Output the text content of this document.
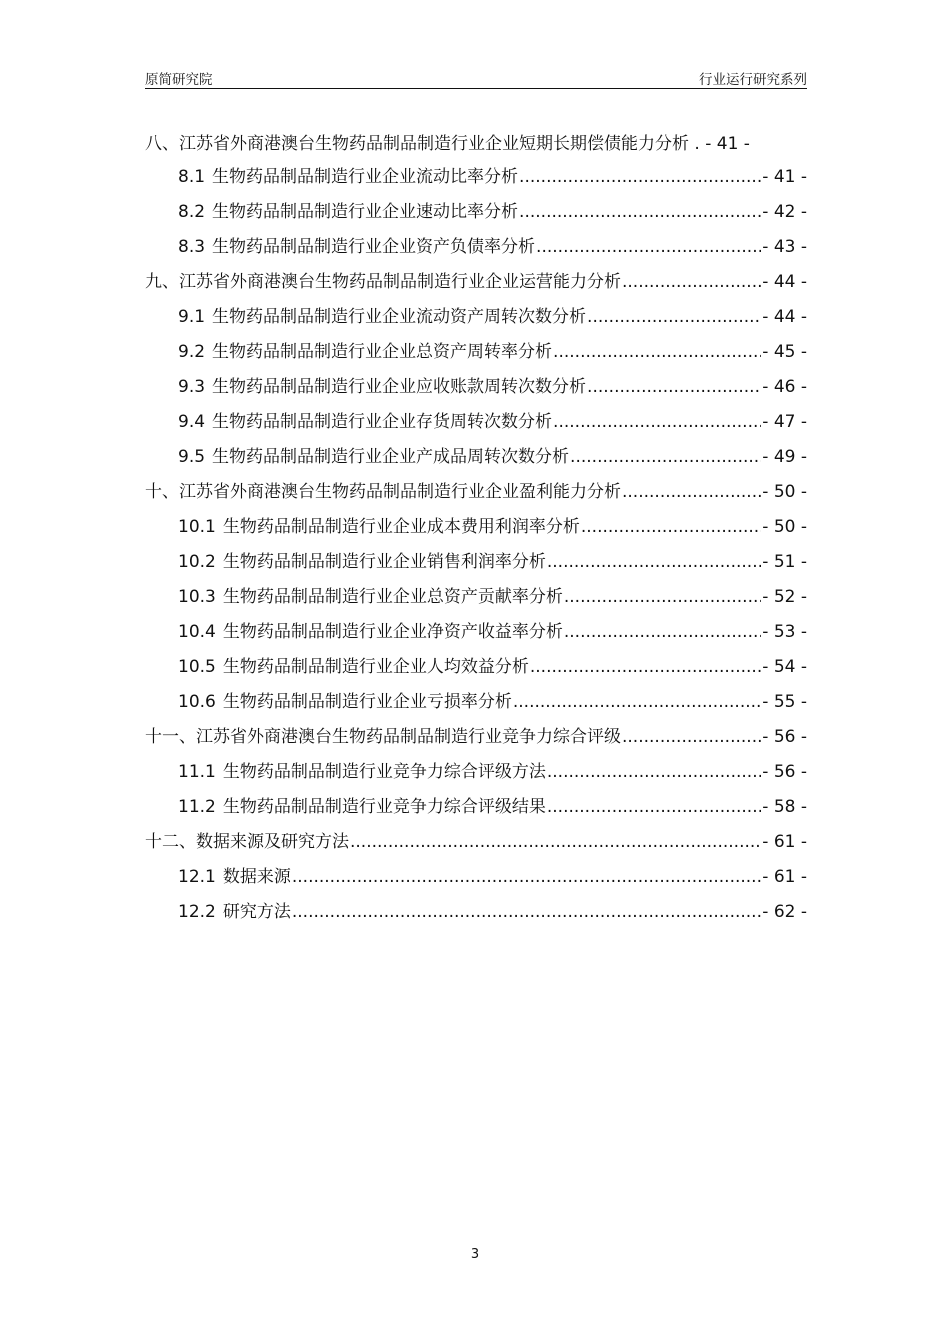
原简研究院	行业运行研究系列
八、江苏省外商港澳台生物药品制品制造行业企业短期长期偿债能力分析 . - 41 -
8.1 生物药品制品制造行业企业流动比率分析 .....	- 41 -
8.2 生物药品制品制造行业企业速动比率分析 .....	- 42 -
8.3 生物药品制品制造行业企业资产负债率分析 .....	- 43 -
九、江苏省外商港澳台生物药品制品制造行业企业运营能力分析 .....	- 44 -
9.1 生物药品制品制造行业企业流动资产周转次数分析 .....	- 44 -
9.2 生物药品制品制造行业企业总资产周转率分析 .....	- 45 -
9.3 生物药品制品制造行业企业应收账款周转次数分析 .....	- 46 -
9.4 生物药品制品制造行业企业存货周转次数分析 .....	- 47 -
9.5 生物药品制品制造行业企业产成品周转次数分析 .....	- 49 -
十、江苏省外商港澳台生物药品制品制造行业企业盈利能力分析 .....	- 50 -
10.1 生物药品制品制造行业企业成本费用利润率分析 .....	- 50 -
10.2 生物药品制品制造行业企业销售利润率分析 .....	- 51 -
10.3 生物药品制品制造行业企业总资产贡献率分析 .....	- 52 -
10.4 生物药品制品制造行业企业净资产收益率分析 .....	- 53 -
10.5 生物药品制品制造行业企业人均效益分析 .....	- 54 -
10.6 生物药品制品制造行业企业亏损率分析 .....	- 55 -
十一、江苏省外商港澳台生物药品制品制造行业竞争力综合评级 .....	- 56 -
11.1 生物药品制品制造行业竞争力综合评级方法 .....	- 56 -
11.2 生物药品制品制造行业竞争力综合评级结果 .....	- 58 -
十二、数据来源及研究方法 .....	- 61 -
12.1 数据来源 .....	- 61 -
12.2 研究方法 .....	- 62 -
3
